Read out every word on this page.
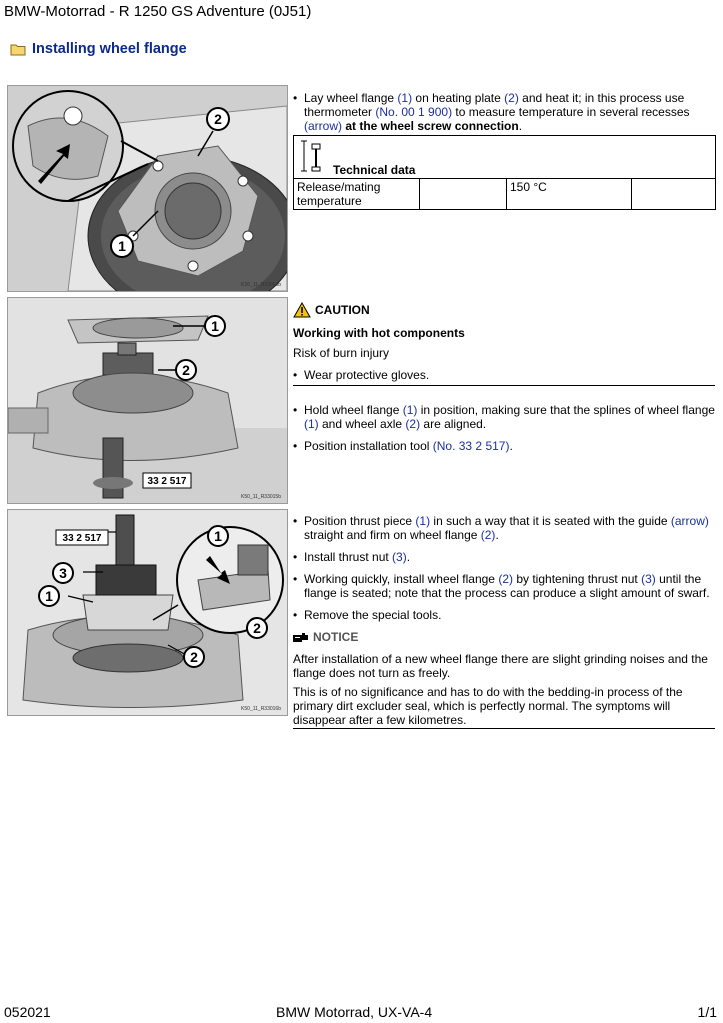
BMW-Motorrad - R 1250 GS Adventure (0J51)
Installing wheel flange
2
1
K26_11_R33063b
1
2
33 2 517
K50_11_R33015b
33 2 517
3
1
2
1
2
K50_11_R33016b

• Lay wheel flange (1) on heating plate (2) and heat it; in this process use thermometer (No. 00 1 900) to measure temperature in several recesses (arrow) at the wheel screw connection.

Technical data
Release/mating temperature		150 °C	
CAUTION
Working with hot components
Risk of burn injury

• Wear protective gloves.

• Hold wheel flange (1) in position, making sure that the splines of wheel flange (1) and wheel axle (2) are aligned.

• Position installation tool (No. 33 2 517).

• Position thrust piece (1) in such a way that it is seated with the guide (arrow) straight and firm on wheel flange (2).

• Install thrust nut (3).

• Working quickly, install wheel flange (2) by tightening thrust nut (3) until the flange is seated; note that the process can produce a slight amount of swarf.

• Remove the special tools.

NOTICE

After installation of a new wheel flange there are slight grinding noises and the flange does not turn as freely.

This is of no significance and has to do with the bedding-in process of the primary dirt excluder seal, which is perfectly normal. The symptoms will disappear after a few kilometres.

052021	BMW Motorrad, UX-VA-4	1/1
